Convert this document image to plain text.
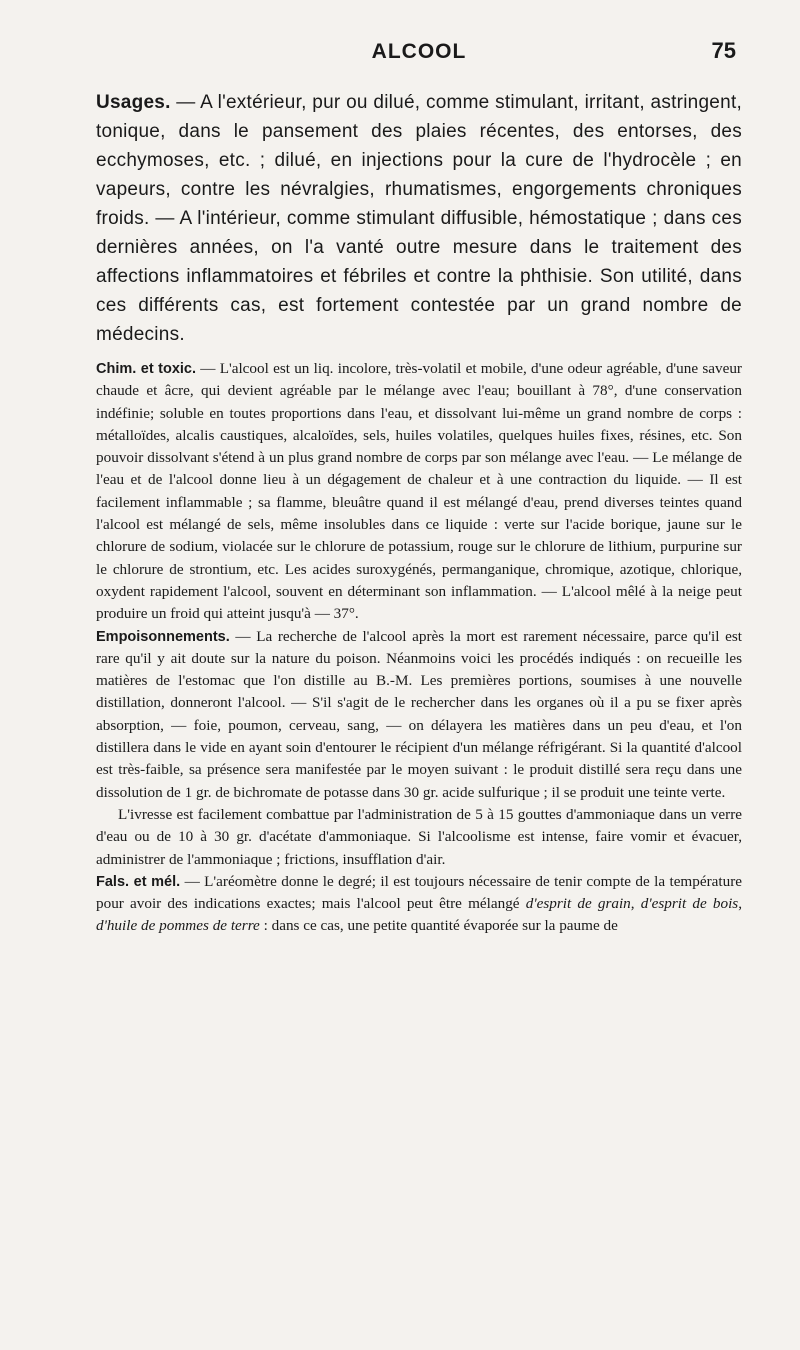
ALCOOL	75

Usages. — A l'extérieur, pur ou dilué, comme stimulant, irritant, astringent, tonique, dans le pansement des plaies récentes, des entorses, des ecchymoses, etc. ; dilué, en injections pour la cure de l'hydrocèle ; en vapeurs, contre les névralgies, rhumatismes, engorgements chroniques froids. — A l'intérieur, comme stimulant diffusible, hémostatique ; dans ces dernières années, on l'a vanté outre mesure dans le traitement des affections inflammatoires et fébriles et contre la phthisie. Son utilité, dans ces différents cas, est fortement contestée par un grand nombre de médecins.

Chim. et toxic. — L'alcool est un liq. incolore, très-volatil et mobile, d'une odeur agréable, d'une saveur chaude et âcre, qui devient agréable par le mélange avec l'eau; bouillant à 78°, d'une conservation indéfinie; soluble en toutes proportions dans l'eau, et dissolvant lui-même un grand nombre de corps : métalloïdes, alcalis caustiques, alcaloïdes, sels, huiles volatiles, quelques huiles fixes, résines, etc. Son pouvoir dissolvant s'étend à un plus grand nombre de corps par son mélange avec l'eau. — Le mélange de l'eau et de l'alcool donne lieu à un dégagement de chaleur et à une contraction du liquide. — Il est facilement inflammable ; sa flamme, bleuâtre quand il est mélangé d'eau, prend diverses teintes quand l'alcool est mélangé de sels, même insolubles dans ce liquide : verte sur l'acide borique, jaune sur le chlorure de sodium, violacée sur le chlorure de potassium, rouge sur le chlorure de lithium, purpurine sur le chlorure de strontium, etc. Les acides suroxygénés, permanganique, chromique, azotique, chlorique, oxydent rapidement l'alcool, souvent en déterminant son inflammation. — L'alcool mêlé à la neige peut produire un froid qui atteint jusqu'à — 37°.

Empoisonnements. — La recherche de l'alcool après la mort est rarement nécessaire, parce qu'il est rare qu'il y ait doute sur la nature du poison. Néanmoins voici les procédés indiqués : on recueille les matières de l'estomac que l'on distille au B.-M. Les premières portions, soumises à une nouvelle distillation, donneront l'alcool. — S'il s'agit de le rechercher dans les organes où il a pu se fixer après absorption, — foie, poumon, cerveau, sang, — on délayera les matières dans un peu d'eau, et l'on distillera dans le vide en ayant soin d'entourer le récipient d'un mélange réfrigérant. Si la quantité d'alcool est très-faible, sa présence sera manifestée par le moyen suivant : le produit distillé sera reçu dans une dissolution de 1 gr. de bichromate de potasse dans 30 gr. acide sulfurique ; il se produit une teinte verte.

L'ivresse est facilement combattue par l'administration de 5 à 15 gouttes d'ammoniaque dans un verre d'eau ou de 10 à 30 gr. d'acétate d'ammoniaque. Si l'alcoolisme est intense, faire vomir et évacuer, administrer de l'ammoniaque ; frictions, insufflation d'air.

Fals. et mél. — L'aréomètre donne le degré; il est toujours nécessaire de tenir compte de la température pour avoir des indications exactes; mais l'alcool peut être mélangé d'esprit de grain, d'esprit de bois, d'huile de pommes de terre : dans ce cas, une petite quantité évaporée sur la paume de
